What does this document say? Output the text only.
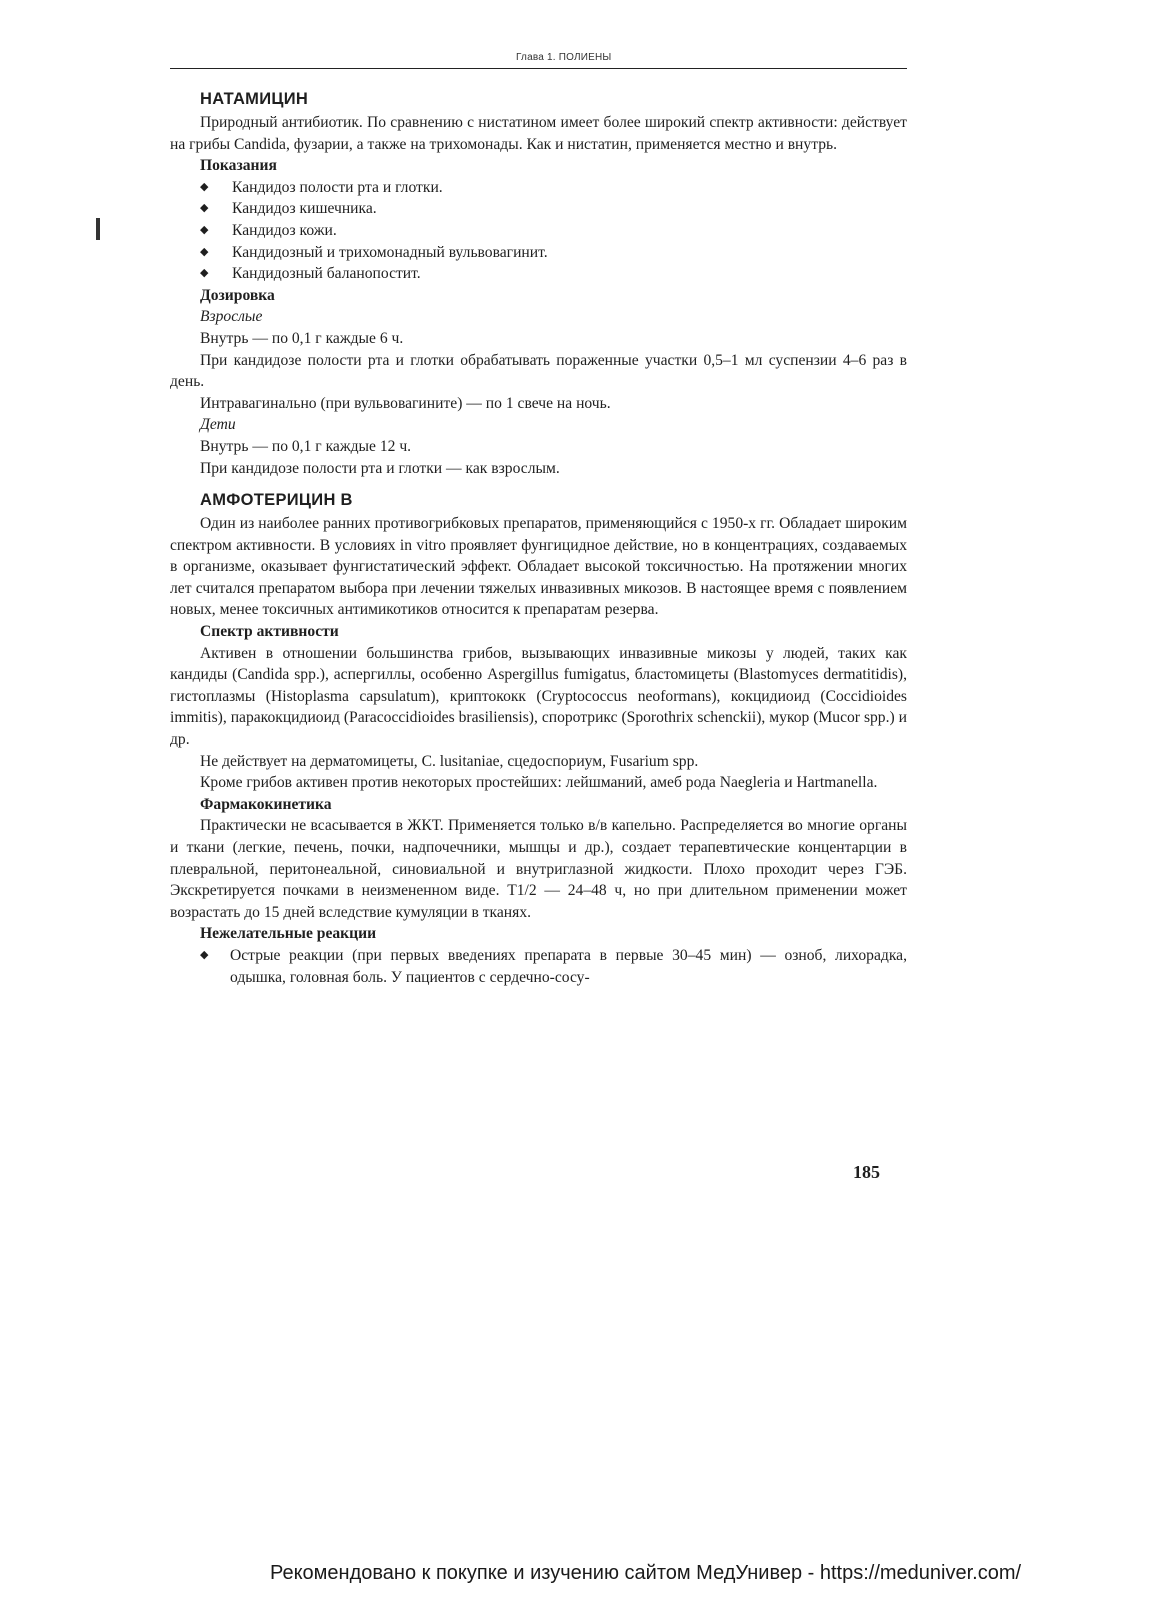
Глава 1. ПОЛИЕНЫ
НАТАМИЦИН

Природный антибиотик. По сравнению с нистатином имеет более широкий спектр активности: действует на грибы Candida, фузарии, а также на трихомонады. Как и нистатин, применяется местно и внутрь.

Показания
◆ Кандидоз полости рта и глотки.
◆ Кандидоз кишечника.
◆ Кандидоз кожи.
◆ Кандидозный и трихомонадный вульвовагинит.
◆ Кандидозный баланопостит.
Дозировка
Взрослые

Внутрь — по 0,1 г каждые 6 ч.

При кандидозе полости рта и глотки обрабатывать пораженные участки 0,5–1 мл суспензии 4–6 раз в день.

Интравагинально (при вульвовагините) — по 1 свече на ночь.

Дети

Внутрь — по 0,1 г каждые 12 ч.

При кандидозе полости рта и глотки — как взрослым.

АМФОТЕРИЦИН В

Один из наиболее ранних противогрибковых препаратов, применяющийся с 1950-х гг. Обладает широким спектром активности. В условиях in vitro проявляет фунгицидное действие, но в концентрациях, создаваемых в организме, оказывает фунгистатический эффект. Обладает высокой токсичностью. На протяжении многих лет считался препаратом выбора при лечении тяжелых инвазивных микозов. В настоящее время с появлением новых, менее токсичных антимикотиков относится к препаратам резерва.

Спектр активности

Активен в отношении большинства грибов, вызывающих инвазивные микозы у людей, таких как кандиды (Candida spp.), аспергиллы, особенно Aspergillus fumigatus, бластомицеты (Blastomyces dermatitidis), гистоплазмы (Histoplasma capsulatum), криптококк (Cryptococcus neoformans), кокцидиоид (Coccidioides immitis), паракокцидиоид (Paracoccidioides brasiliensis), споротрикс (Sporothrix schenckii), мукор (Mucor spp.) и др.

Не действует на дерматомицеты, C. lusitaniae, сцедоспориум, Fusarium spp.

Кроме грибов активен против некоторых простейших: лейшманий, амеб рода Naegleria и Hartmanella.

Фармакокинетика

Практически не всасывается в ЖКТ. Применяется только в/в капельно. Распределяется во многие органы и ткани (легкие, печень, почки, надпочечники, мышцы и др.), создает терапевтические концентарции в плевральной, перитонеальной, синовиальной и внутриглазной жидкости. Плохо проходит через ГЭБ. Экскретируется почками в неизмененном виде. T1/2 — 24–48 ч, но при длительном применении может возрастать до 15 дней вследствие кумуляции в тканях.

Нежелательные реакции
◆ Острые реакции (при первых введениях препарата в первые 30–45 мин) — озноб, лихорадка, одышка, головная боль. У пациентов с сердечно-сосу-
185
Рекомендовано к покупке и изучению сайтом МедУнивер - https://meduniver.com/
